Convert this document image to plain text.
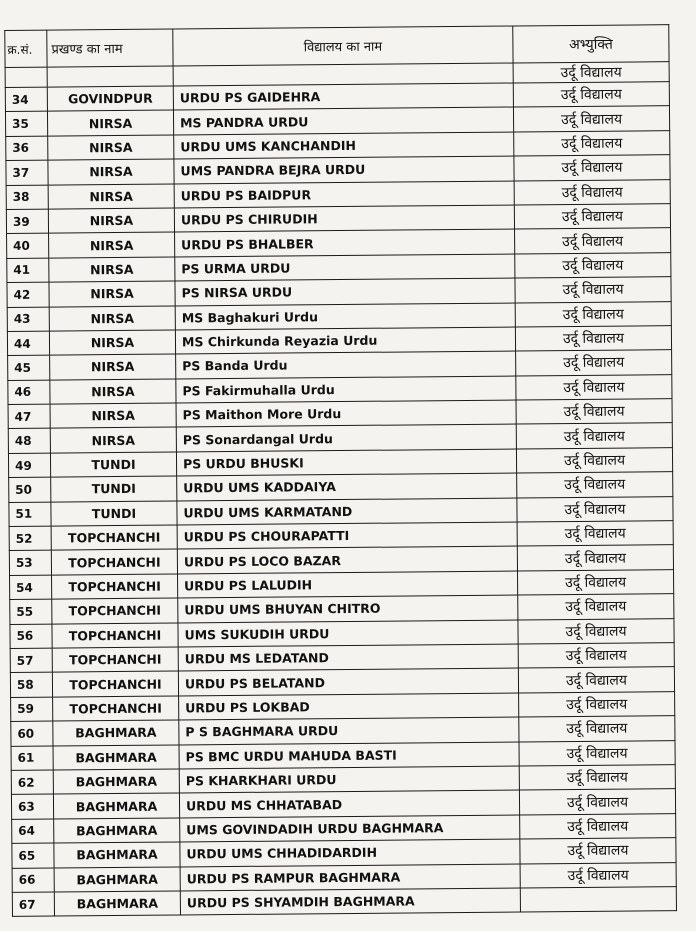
क्र.सं.	प्रखण्ड का नाम	विद्यालय का नाम	अभ्युक्ति
			उर्दू विद्यालय
34	GOVINDPUR	URDU PS GAIDEHRA	उर्दू विद्यालय
35	NIRSA	MS PANDRA URDU	उर्दू विद्यालय
36	NIRSA	URDU UMS KANCHANDIH	उर्दू विद्यालय
37	NIRSA	UMS PANDRA BEJRA URDU	उर्दू विद्यालय
38	NIRSA	URDU PS BAIDPUR	उर्दू विद्यालय
39	NIRSA	URDU PS CHIRUDIH	उर्दू विद्यालय
40	NIRSA	URDU PS BHALBER	उर्दू विद्यालय
41	NIRSA	PS URMA URDU	उर्दू विद्यालय
42	NIRSA	PS NIRSA URDU	उर्दू विद्यालय
43	NIRSA	MS Baghakuri Urdu	उर्दू विद्यालय
44	NIRSA	MS Chirkunda Reyazia Urdu	उर्दू विद्यालय
45	NIRSA	PS Banda Urdu	उर्दू विद्यालय
46	NIRSA	PS Fakirmuhalla Urdu	उर्दू विद्यालय
47	NIRSA	PS Maithon More Urdu	उर्दू विद्यालय
48	NIRSA	PS Sonardangal Urdu	उर्दू विद्यालय
49	TUNDI	PS URDU BHUSKI	उर्दू विद्यालय
50	TUNDI	URDU UMS KADDAIYA	उर्दू विद्यालय
51	TUNDI	URDU UMS KARMATAND	उर्दू विद्यालय
52	TOPCHANCHI	URDU PS CHOURAPATTI	उर्दू विद्यालय
53	TOPCHANCHI	URDU PS LOCO BAZAR	उर्दू विद्यालय
54	TOPCHANCHI	URDU PS LALUDIH	उर्दू विद्यालय
55	TOPCHANCHI	URDU UMS BHUYAN CHITRO	उर्दू विद्यालय
56	TOPCHANCHI	UMS SUKUDIH URDU	उर्दू विद्यालय
57	TOPCHANCHI	URDU MS LEDATAND	उर्दू विद्यालय
58	TOPCHANCHI	URDU PS BELATAND	उर्दू विद्यालय
59	TOPCHANCHI	URDU PS LOKBAD	उर्दू विद्यालय
60	BAGHMARA	P S BAGHMARA URDU	उर्दू विद्यालय
61	BAGHMARA	PS BMC URDU MAHUDA BASTI	उर्दू विद्यालय
62	BAGHMARA	PS KHARKHARI URDU	उर्दू विद्यालय
63	BAGHMARA	URDU MS CHHATABAD	उर्दू विद्यालय
64	BAGHMARA	UMS GOVINDADIH URDU BAGHMARA	उर्दू विद्यालय
65	BAGHMARA	URDU UMS CHHADIDARDIH	उर्दू विद्यालय
66	BAGHMARA	URDU PS RAMPUR BAGHMARA	उर्दू विद्यालय
67	BAGHMARA	URDU PS SHYAMDIH BAGHMARA	
